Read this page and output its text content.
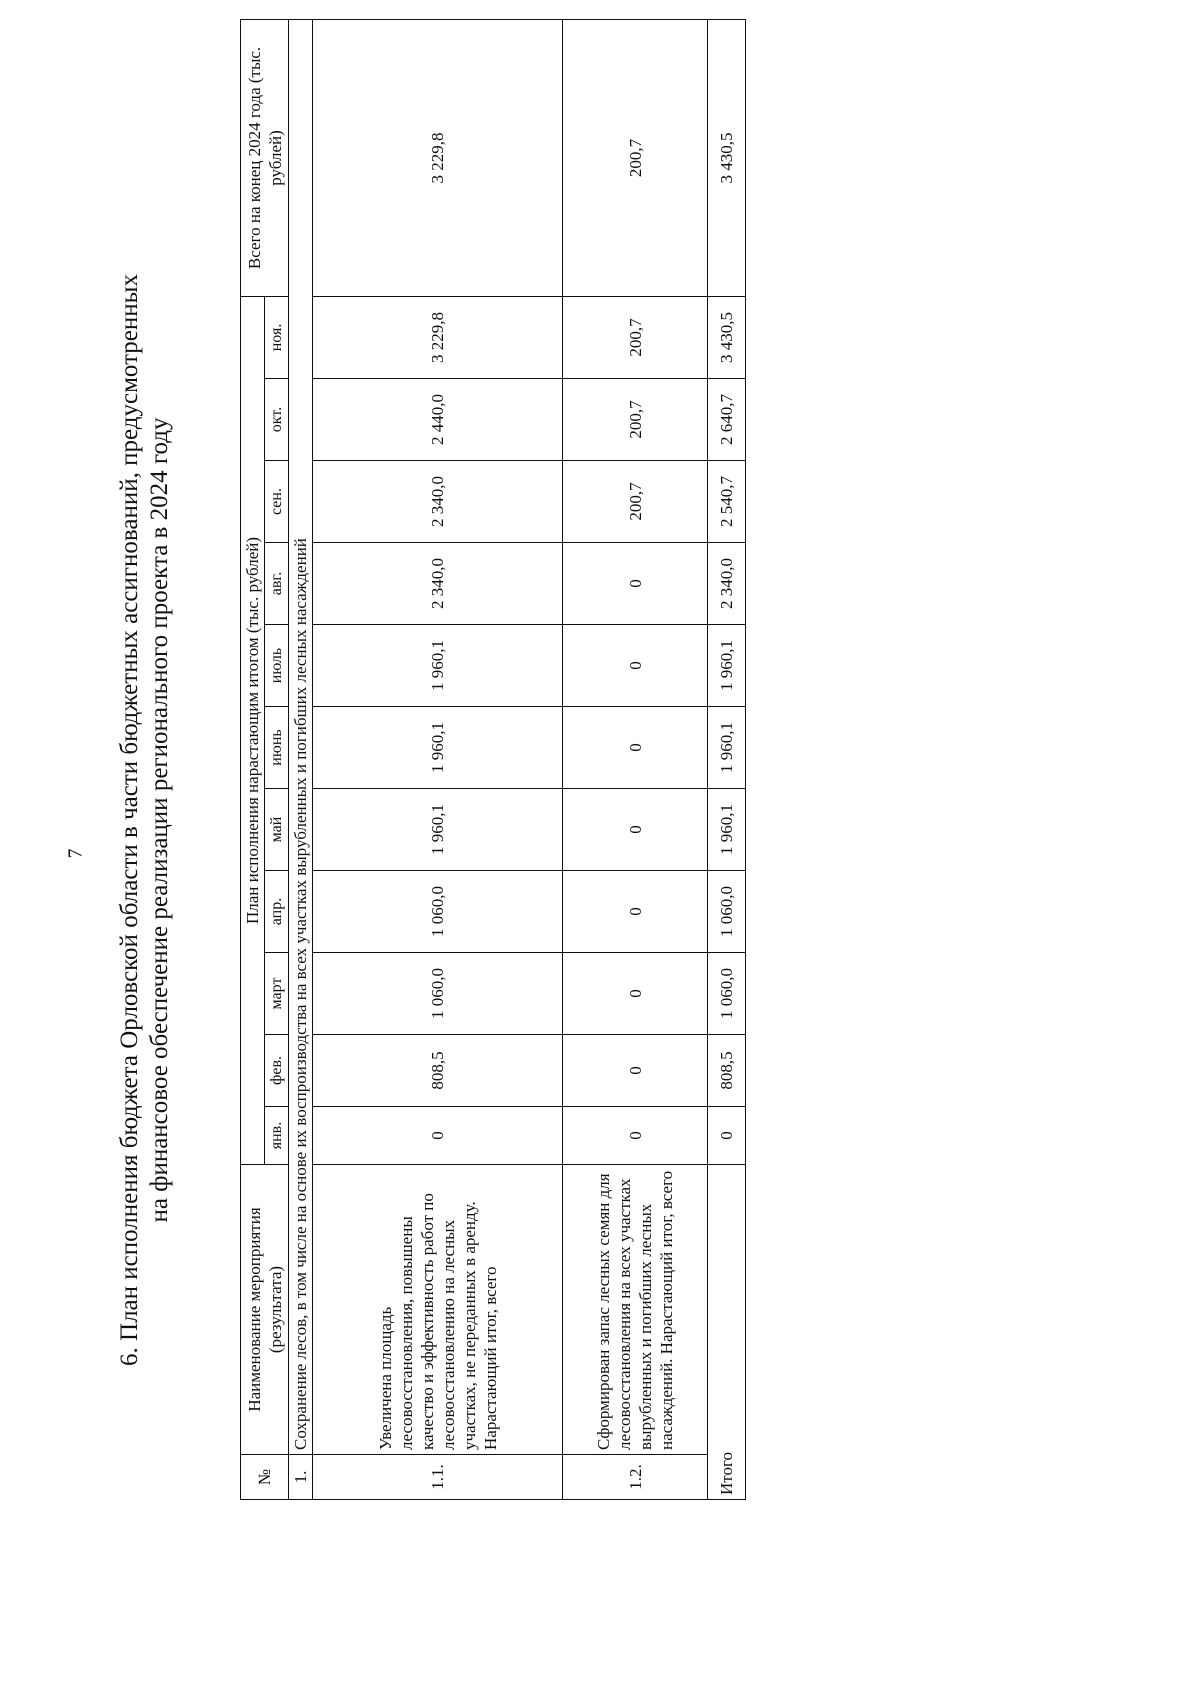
7 6. План исполнения бюджета Орловской области в части бюджетных ассигнований, предусмотренных на финансовое обеспечение реализации регионального проекта в 2024 году

№	Наименование мероприятия (результата)	План исполнения нарастающим итогом (тыс. рублей)											Всего на конец 2024 года (тыс. рублей)
		янв.	фев.	март	апр.	май	июнь	июль	авг.	сен.	окт.	ноя.	
1.	Сохранение лесов, в том числе на основе их воспроизводства на всех участках вырубленных и погибших лесных насаждений												
1.1.	Увеличена площадь лесовосстановления, повышены качество и эффективность работ по лесовосстановлению на лесных участках, не переданных в аренду. Нарастающий итог, всего	0	808,5	1 060,0	1 060,0	1 960,1	1 960,1	1 960,1	2 340,0	2 340,0	2 440,0	3 229,8	3 229,8
1.2.	Сформирован запас лесных семян для лесовосстановления на всех участках вырубленных и погибших лесных насаждений. Нарастающий итог, всего	0	0	0	0	0	0	0	0	200,7	200,7	200,7	200,7
Итого		0	808,5	1 060,0	1 060,0	1 960,1	1 960,1	1 960,1	2 340,0	2 540,7	2 640,7	3 430,5	3 430,5
